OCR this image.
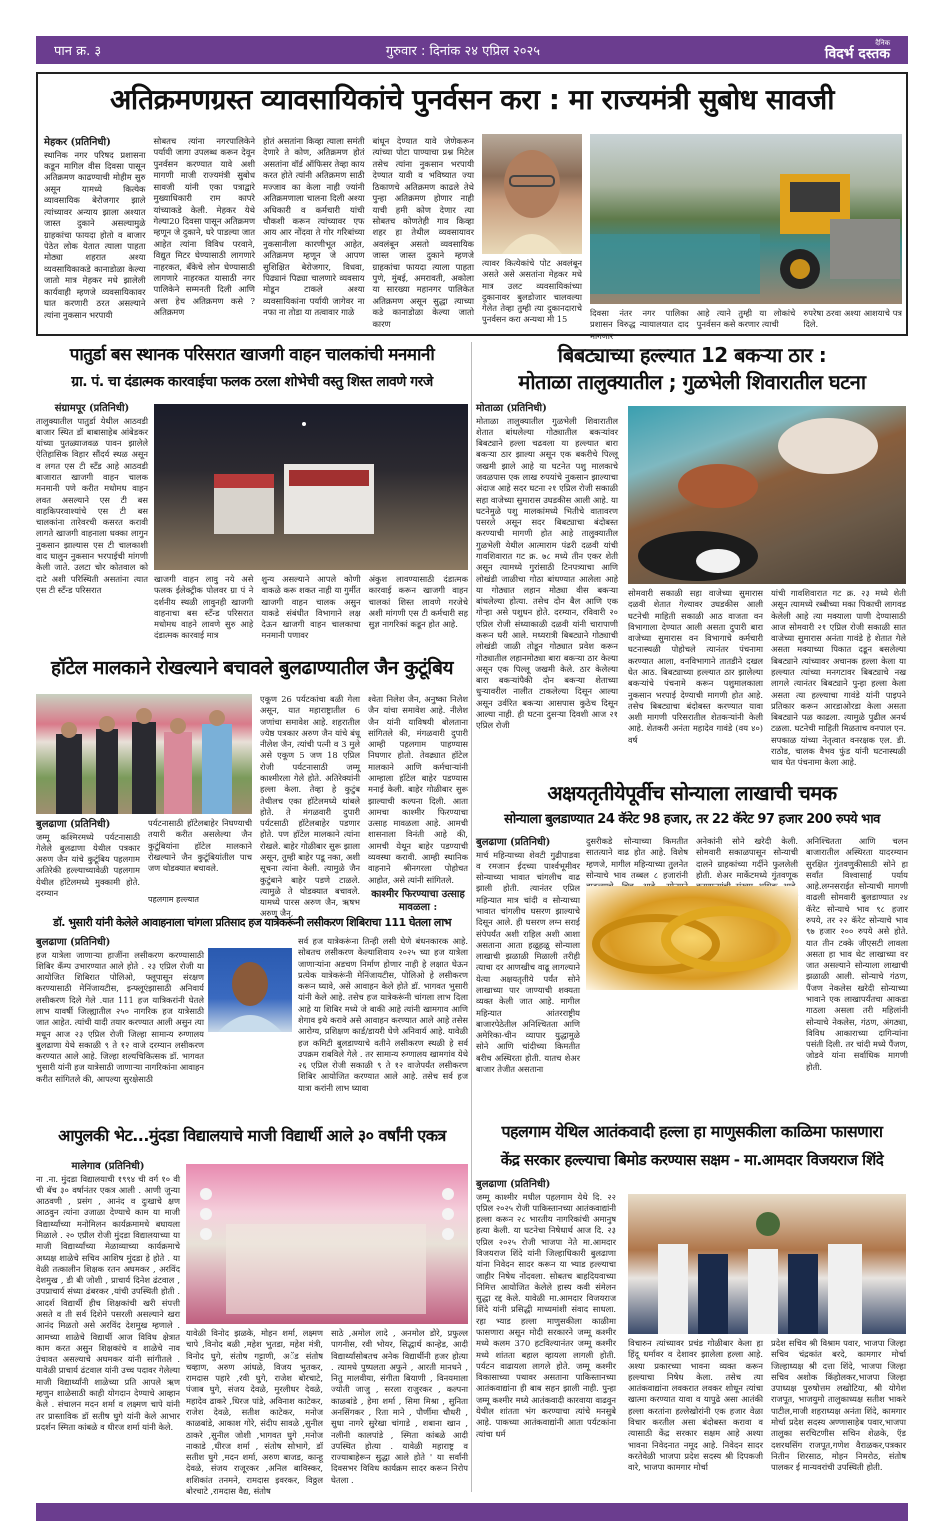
पान क्र. ३	गुरुवार : दिनांक २४ एप्रिल २०२५
दैनिक
विदर्भ दस्तक
अतिक्रमणग्रस्त व्यावसायिकांचे पुनर्वसन करा : मा राज्यमंत्री सुबोध सावजी
मेहकर (प्रतिनिधी)
स्थानिक नगर परिषद प्रशासना कडून मागिल वीस दिवसा पासून अतिक्रमण काढण्याची मोहीम सुरु असून यामध्ये कित्येक व्यावसायिक बेरोजगार झाले त्यांच्यावर अन्याय झाला अश्यात जास्त दुकाने असल्यामुळे ग्राहकांचा फायदा होतो व बाजार पेठेत लोक येतात त्याला पाहता मोठ्या शहरात अश्या व्यवसायिकाकडे कानाडोळा केल्या जातो मात्र मेहकर मधे झालेली कार्यवाही म्हणजे व्यवसायिकावर घात करणारी ठरत असल्याने त्यांना नुकसान भरपायी
सोबतच त्यांना नगरपालिकेने पर्यायी जागा उपलब्ध करून देवून पुनर्वसन करण्यात यावे अशी मागणी माजी राज्यमंत्री सुबोध सावजी यांनी एका पत्राद्वारे मुख्याधिकारी राम कापरे यांच्याकडे केली. मेहकर येथे गेल्या20 दिवसा पासून अतिक्रमण म्हणून जे दुकाने, घरे पाडल्या जात आहेत त्यांना विविध परवाने, विद्युत मिटर घेण्यासाठी लागणारे नाहरकत, बँकेचे लोन घेण्यासाठी लागणारे नाहरकत यासाठी नगर पालिकेने सम्मनती दिली आणि अत्ता हेच अतिक्रमण कसे ? अतिक्रमण
होतं असतांना किव्हा त्याला समंती देणारे ते कोण, अतिक्रमण होतं असतांना वॉर्ड ऑफिसर तेव्हा काय करत होते त्यांनी अतिक्रमण साठी मज्जाव का केला नाही ज्यांनी अतिक्रमणाला चालना दिली अश्या अधिकारी व कर्मचारी यांची चौकशी करून त्यांच्यावर एफ आय आर नोंदवा ते गोर गरिबांच्या नुकसानीला कारणीभूत आहेत, अतिक्रमण म्हणून जे आपण सुशिक्षित बेरोजगार, विधवा, पिढ्यानं पिढ्या चालणारे व्यवसाय मोडून टाकले अश्या व्यवसायिकांना पर्यायी जागेवर ना नफा ना तोडा या तत्वावार गाळे
बांधून देण्यात यावे जेणेकरून त्यांच्या पोटा पाण्याचा प्रश्न मिटेल तसेच त्यांना नुकसान भरपायी देण्यात यावी व भविष्यात ज्या ठिकाणचे अतिक्रमण काढले तेथे पुन्हा अतिक्रमण होणार नाही याची हमी कोण देणार त्या सोबतच कोणतेही गाव किव्हा शहर हा तेथील व्यवसायावर अवलंबून असतो व्यवसायिक जास्त जास्त दुकाने म्हणजे ग्राहकांचा फायदा त्याला पाहता पुणे, मुंबई, अमरावती, अकोला या सारख्या महानगर पालिकेत अतिक्रमण असून सुद्धा त्याच्या कडे कानाडोळा केल्या जातो कारण
त्यावर कित्येकांचे पोट अवलंबून असते असे असतांना मेहकर मधे मात्र उलट व्यवसायिकांच्या दुकानावर बुलडोजार चालवल्या गेलेत तेव्हा तुम्ही त्या दुकानदाराचे पुनर्वसन करा अन्यथा मी 15
दिवसा नंतर नगर पालिका प्रशासन विरुद्ध न्यायालयात दाद मागणार
आहे त्याने तुम्ही या लोकांचे पुनर्वसन कसे करणार त्याची
रुपरेषा ठरवा अश्या आशयाचे पत्र दिले.
पातुर्डा बस स्थानक परिसरात खाजगी वाहन चालकांची मनमानी
ग्रा. पं. चा दंडात्मक कारवाईचा फलक ठरला शोभेची वस्तु शिस्त लावणे गरजे
संग्रामपूर (प्रतिनिधी)
तालुक्यातील पातुर्डा येथील आठवडी बाजार स्थित डॉ बाबासाहेब आंबेडकर यांच्या पुतळ्याजवळ पावन झालेले ऐतिहासिक विहार सौंदर्य स्थळ असून व लगत एस टी स्टँड आहे आठवडी बाजारात खाजगी वाहन चालक मनमानी पणे करीत मधोमध वाहन लवत असल्याने एस टी बस वाहकिपरवाश्यांचे एस टी बस चालकांना तारेवरची कसरत करावी लागते खाजगी वाहनाला धक्का लागुन नुकसान झाल्यास एस टी चालकाशी वाद घालुन नुकसान भरपाईची मांगणी केली जाते. उलटा चोर कोतवाल को दाटे अशी परिस्थिती असतांना त्यात एस टी स्टँन्ड परिसरात
खाजगी वाहन लावु नये असे फलक ईलेक्ट्रीक पोलवर ग्रा पं ने दर्शनीय स्थळी लावुनही खाजगी वाहनाचा बस स्टँन्ड परिसरात मधोमध वाहने लावणे सुरु आहे दंडात्मक कारवाई मात्र
शुन्य असल्याने आपले कोणी वाकळे करू शकत नाही या गुर्मीत खाजगी वाहन चालक असुन याकडे संबंधीत विभागाने लक्ष देऊन खाजगी वाहन चालकाचा मनमानी पणावर
अंकुश लावण्यासाठी दंडात्मक कारवाई करून खाजगी वाहन चालकां शिस्त लावणे गरजेचे अशी मांगणी एस टी कर्मचारी सह सुज्ञ नागरिकां कडून होत आहे.
बिबट्याच्या हल्ल्यात 12 बकऱ्या ठार :
मोताळा तालुक्यातील ; गुळभेली शिवारातील घटना
मोताळा (प्रतिनिधी)
मोताळा तालुक्यातील गुळभेली शिवारातील शेतात बांधलेल्या गोठ्यातील बकऱ्यांवर बिबट्याने हल्ला चढवला या हल्ल्यात बारा बकऱ्या ठार झाल्या असून एक बकरीचे पिल्लू जखमी झाले आहे या घटनेत पशु मालकाचे जवळपास एक लाख रुपयांचे नुकसान झाल्याचा अंदाज आहे सदर घटना २१ एप्रिल रोजी सकाळी सहा वाजेच्या सुमारास उघडकीस आली आहे. या घटनेमुळे पशु मालकांमध्ये भितीचे वातावरण पसरले असून सदर बिबट्याचा बंदोबस्त करण्याची मागणी होत आहे तालुक्यातील गुळभेली येथील आत्माराम पंढरी दळवी यांची गावशिवारात गट क्र. ७८ मध्ये तीन एकर शेती असून त्यामध्ये गुरांसाठी टिनपत्र्याचा आणि लोखंडी जाळीचा गोठा बांधण्यात आलेला आहे या गोठ्यात लहान मोठ्या वीस बकऱ्या बांधलेल्या होत्या. तसेच दोन बैल आणि एक गोऱ्हा असे पशुधन होते. दरम्यान, रविवारी २० एप्रिल रोजी संध्याकाळी दळवी यांनी चारापाणी करून घरी आले. मध्यरात्री बिबट्याने गोठ्याची लोखंडी जाळी तोडून गोठ्यात प्रवेश करून गोठ्यातील लहानमोठ्या बारा बकऱ्या ठार केल्या असून एक पिल्लू जखमी केले. ठार केलेल्या बारा बकऱ्यांपैकी दोन बकऱ्या शेताच्या धुऱ्यावरील नालीत टाकलेल्या दिसून आल्या असून उर्वरित बकऱ्या आसपास कुठेच दिसून आल्या नाही. ही घटना दुसऱ्या दिवशी आज २१ एप्रिल रोजी
सोमवारी सकाळी सहा वाजेच्या सुमारास दळवी शेतात गेल्यावर उघडकीस आली घटनेची माहिती सकाळी आठ वाजता वन विभागाला देण्यात आली असता दुपारी बारा वाजेच्या सुमारास वन विभागाचे कर्मचारी घटनास्थळी पोहोचले त्यानंतर पंचनामा करण्यात आला, वनविभागाने तातडीने दखल घेत आठ. बिबट्याच्या हल्ल्यात ठार झालेल्या बकऱ्यांचे पंचनामे करून पशुमालकाला नुकसान भरपाई देण्याची मागणी होत आहे. तसेच बिबट्याचा बंदोबस्त करण्यात यावा अशी मागणी परिसरातील शेतकऱ्यांनी केली आहे. शेतकरी अनंता महादेव गावंडे (वय ४०) वर्ष
यांची गावशिवारात गट क्र. २३ मध्ये शेती असून त्यामध्ये रब्बीच्या मका पिकाची लागवड केलेली आहे त्या मक्याला पाणी देण्यासाठी आज सोमवारी २१ एप्रिल रोजी सकाळी सात वाजेच्या सुमारास अनंता गावंडे हे शेतात गेले असता मक्याच्या पिकात दडून बसलेल्या बिबट्याने त्यांच्यावर अचानक हल्ला केला या हल्ल्यात त्यांच्या मनगटावर बिबट्याचे नख लागले त्यानंतर बिबट्याने पुन्हा हल्ला केला असता त्या हल्ल्याचा गावंडे यांनी पाइपने प्रतिकार करून आरडाओरडा केला असता बिबट्याने पळ काढला. त्यामुळे पुढील अनर्थ टळला. घटनेची माहिती मिळताच वनपाल एन. सपकाळ यांच्या नेतृत्वात वनरक्षक एल. डी. राठोड, चालक वैभव फुंड यांनी घटनास्थळी धाव घेत पंचनामा केला आहे.
हॉटेल मालकाने रोखल्याने बचावले बुलढाण्यातील जैन कुटूंबिय
बुलढाणा (प्रतिनिधी)
जम्मू कश्मिरमध्ये पर्यटनासाठी गेलेले बुलढाणा येथील पत्रकार अरुण जैन यांचे कुटूंबिय पहलगाम अतिरेकी हल्ल्याच्यावेळी पहलगाम येथील हॉटेलमध्ये मुक्कामी होते. दरम्यान
पर्यटनासाठी हॉटेलबाहेर निघण्याची तयारी करीत असलेल्या जैन कुटूंबियांना हॉटेल मालकाने रोखल्याने जैन कुटूंबियांतील पाच जण थोडक्यात बचावले.
पहलगाम हल्ल्यात
एकूण 26 पर्यटकांचा बळी गेला असून, यात महाराष्ट्रातील 6 जणांचा समावेश आहे. शहरातील ज्येष्ठ पत्रकार अरुण जैन यांचे बंधू नीलेश जैन, त्यांची पत्नी व 3 मुले असे एकूण 5 जण 18 एप्रिल रोजी पर्यटनासाठी जम्मू काश्मीरला गेले होते. अतिरेक्यांनी हल्ला केला. तेव्हा हे कुटुंब तेथीलच एका हॉटेलमध्ये थांबले होते. ते मंगळवारी दुपारी पर्यटसाठी हॉटेलबाहेर पडणार होते. पण हॉटेल मालकाने त्यांना रोखले. बाहेर गोळीबार सुरू झाला असून, तुम्ही बाहेर पडू नका, अशी सूचना त्यांना केली. त्यामुळे जैन कुटुंबाने बाहेर पडणे टाळले. त्यामुळे ते थोडक्यात बचावले. यामध्ये पारस अरुण जैन, ऋषभ अरुण जैन,
श्वेता निलेश जैन, अनुष्का निलेश जैन यांचा समावेश आहे. नीलेश जैन यांनी याविषयी बोलताना सांगितले की, मंगळवारी दुपारी आम्ही पहलगाम पाहण्यास निघणार होतो. तेवढ्यात हॉटेल मालकाने आणि कर्मचाऱ्यांनी आम्हाला हॉटेल बाहेर पडण्यास मनाई केली. बाहेर गोळीबार सुरू झाल्याची कल्पना दिली. आता आमचा काश्मीर फिरण्याचा उत्साह मावळला आहे. आमची शासनाला विनंती आहे की, आमची येथून बाहेर पडण्याची व्यवस्था करावी. आम्ही स्थानिक वाहनाने श्रीनगरला पोहोचत आहोत, असे त्यांनी सांगितले.
काश्मीर फिरण्याचा उत्साह मावळला :
अक्षयतृतीयेपूर्वीच सोन्याला लाखाची चमक
सोन्याला बुलडाण्यात 24 कॅरेट 98 हजार, तर 22 कॅरेट 97 हजार 200 रुपये भाव
बुलढाणा (प्रतिनिधी)
मार्च महिन्याच्या शेवटी गुढीपाडवा व रमजान ईदच्या पार्श्वभूमीवर सोन्याच्या भावात चांगलीच वाढ झाली होती. त्यानंतर एप्रिल महिन्यात मात्र चांदी व सोन्याच्या भावात चांगलीच घसरण झाल्याचे दिसून आले. ही घसरण लग्न सराई संपेपर्यंत अशी राहिल अशी आशा असताना आता हळूहळू सोन्याला लाखाची झळाळी मिळाली तरीही त्याचा दर आणखीच वाढू लागल्याने येत्या अक्षयतृतीये पर्यंत सोने लाखाच्या पार जाण्याची शक्यता व्यक्त केली जात आहे. मागील महिन्यात आंतरराष्ट्रीय बाजारपेठेतील अनिश्चितता आणि अमेरिका-चीन व्यापार युद्धामुळे सोने आणि चांदीच्या किमतीत बरीच अस्थिरता होती. यातच शेअर बाजार तेजीत असताना
दुसरीकडे सोन्याच्या किमतीत सातत्याने वाढ होत आहे. विशेष म्हणजे, मागील महिन्याच्या तुलनेत सोन्याचे भाव तब्बल ८ हजारांनी
अनेकांनी सोने खरेदी केली. सोमवारी सकाळपासून सोन्याची दालने ग्राहकांच्या गर्दीने फुललेली होती. शेअर मार्केटमध्ये गुंतवणूक
अनिश्चितता आणि चलन बाजारातील अस्थिरता यादरम्यान सुरक्षित गुंतवणुकीसाठी सोने हा सर्वांत विश्वासार्ह पर्याय आहे.लग्नसराईत सोन्याची मागणी वाढली सोमवारी बुलडाण्यात २४ कॅरेट सोन्याचे भाव ९८ हजार रुपये, तर २२ कॅरेट सोन्याचे भाव ९७ हजार २०० रुपये असे होते. यात तीन टक्के जीएसटी लावला असता हा भाव थेट लाखाच्या वर जात असल्याने सोन्याला लाखाची झळाळी आली. सोन्याचे गंठण, पैंजण नेकलेस खरेदी सोन्याच्या भावाने एक लाखापर्यंतचा आकडा गाठला असला तरी महिलांनी सोन्याचे नेकलेस, गंठण, अंगठ्या, विविध आकाराच्या दागिन्यांना पसंती दिली. तर चांदी मध्ये पैंजण, जोडवे यांना सर्वाधिक मागणी होती.
डॉ. भुसारी यांनी केलेले आवाहनाला चांगला प्रतिसाद हज यात्रेकरूंनी लसीकरण शिबिराचा 111 घेतला लाभ
बुलढाणा (प्रतिनिधी)
हज यात्रेला जाणाऱ्या हाजींना लसीकरण करण्यासाठी शिबिर कँम्प उभारण्यात आले होते . २३ एप्रिल रोजी या आयोजित शिबिरात पोलिओ, फ्लूपासून संरक्षण करण्यासाठी मेनिंजायटीस, इन्फ्लूएंझासाठी अनिवार्य लसीकरण दिले गेले .यात 111 हज यात्रिकरांनी घेतले लाभ यावर्षी जिल्ह्यातील २५० नागरिक हज यात्रेसाठी जात आहेत. त्यांची यादी तयार करण्यात आली असुन त्या मधून आज २३ एप्रिल रोजी जिल्हा सामान्य रुग्णालय बुलढाणा येथे सकाळी ९ ते १२ वाजे दरम्यान लसीकरण करण्यात आले आहे. जिल्हा शल्यचिकित्सक डॉ. भागवत भुसारी यांनी हज यात्रेसाठी जाणाऱ्या नागरिकांना आवाहन करीत सांगितले की, आपल्या सुरक्षेसाठी
सर्व हज यात्रेकरूंना तिन्ही लसी घेणे बंधनकारक आहे. सोबतच लसीकरण केल्याशिवाय २०२५ च्या हज यात्रेला जाणाऱ्यांना अडचण निर्माण होणार नाही हे लक्षात घेऊन प्रत्येक यात्रेकरूंनी मेनिंजायटीस, पोलिओ हे लसीकरण करून घ्यावे, असे आवाहन केले होते डॉ. भागवत भुसारी यांनी केले आहे. तसेच हज यात्रेकरूंनी चांगला लाभ दिला आहे या शिबिर मध्ये जे बाकी आहे त्यांनी खामगाव आणि शेगाव इथे करावे असे आवाहन करण्यात आले आहे तसेस आरोग्य, प्रशिक्षण कार्ड/डायरी घेणे अनिवार्य आहे. यावेळी हज कमिटी बुलडाण्याचे वतीने लसीकरण स्थळी हे सर्व उपक्रम राबविले गेले . तर सामान्य रुग्णालय खामगांव येथे २६ एप्रिल रोजी सकाळी ९ ते १२ वाजेपर्यंत लसीकरण शिबिर आयोजित करण्यात आले आहे. तसेच सर्व हज यात्रा करांनी लाभ घ्यावा
आपुलकी भेट...मुंदडा विद्यालयाचे माजी विद्यार्थी आले ३० वर्षांनी एकत्र
मालेगाव (प्रतिनिधी)
ना .ना. मुंदडा विद्यालयाची १९९४ ची वर्ग १० वी ची बॅच ३० वर्षानंतर एकत्र आली . आणी जुन्या आठवणी , प्रसंग , आनंद व दुःखाचे क्षण आठवुन त्यांना उजाळा देण्याचे काम या माजी विद्यार्थ्यांच्या मनोमिलन कार्यक्रमामधे बघायला मिळाले . २० एप्रील रोजी मुंदडा विद्यालयाच्या या माजी विद्यार्थ्यांच्या मेळाव्याच्या कार्यक्रमाचे अध्यक्ष शाळेचे सचिव आशिष मुंदडा हे होते . या वेळी तत्कालीन शिक्षक रतन अघमकर , अरविंद देशमुख , डी बी जोशी , प्राचार्य दिनेश ढंटवाल , उपप्राचार्य संध्या ढंबरकर ,यांची उपस्थिती होती . आदर्श विद्यार्थी हीच शिक्षकांची खरी संपत्ती असते व ती सर्व दिशेने पसरली असल्याने खरा आनंद मिळतो असे अरविंद देशमुख म्हणाले . आमच्या शाळेचे विद्यार्थी आज विविध क्षेत्रात काम करत असुन शिक्षकांचे व शाळेचे नाव उंचावत असल्याचे अघमकर यांनी सांगीतले . यावेळी प्राचार्य ढंटवाल यांनी उच्च पदावर गेलेल्या माजी विद्यार्थ्यांनी शाळेच्या प्रति आपले ऋण म्हणुन शाळेसाठी काही योगदान देण्याचे आव्हान केले . संचालन मदन शर्मा व लक्ष्मण चापे यांनी तर प्रास्ताविक डॉ सतीष घुगे यांनी केले आभार प्रदर्शन स्मिता कांबळे व धीरज शर्मा यांनी केले.
यावेळी विनोद झळके, मोहन शर्मा, लक्ष्मण चापे ,विनोद बळी ,महेश भुतडा, महेश मंत्री, विनोद घुगे, संतोष गट्टाणी, अॅड संतोष चव्हाण, अरुण आंधळे, विजय भुतकर, रामदास पहारे ,रवी घुगे, राजेश बोरचाटे, पंजाब घुगे, संजय देवळे, मुरलीधर देवळे, महादेव ढाकरे ,धिरज पांडे, अविनाश काटेकर, राजेश देवळे, सतीश काटेकर, मनोज काळबांडे, आकाश गोरे, संदीप सावळे ,सुनील ठाकरे ,सुनील जोशी ,भागवत घुगे ,मनोज नाकाडे ,धीरज शर्मा , संतोष सोभागे, डॉ सतीश घुगे ,मदन शर्मा, अरुण बाजड, कान्हू देवळे, संजय राजूरकर ,अनिल बाविस्कर, शशिकांत तनमने, रामदास इवरकर, विठ्ठल बोरचाटे ,रामदास वैद्य, संतोष
साठे ,अमोल लादे , अनमोल डोरे, प्रफुल्ल पागनीस, रवी भोयर, सिद्धार्थ कान्हेड, आदी विद्यार्थ्यांसोबतच अनेक विद्यार्थीनी हजर होत्या . त्यामधे पुष्पलता अफुने , आरती मानधने , नितु मालवीया, संगीता बियाणी , विनयमाला ज्योती जाजु , सरला राजुरकर , कल्पना काळबांडे , हेमा शर्मा , सिमा मिश्रा , सुनिता अनसिंगकर , रिता माने , पौर्णीमा चौधरी , सुधा नागरे सुरेखा चांगाडे , शबाना खान , नलीनी कालपांडे , स्मिता कांबळे आदी उपस्थित होत्या . यावेळी महाराष्ट्र व राज्याबाहेरून सुद्धा आले होते ' या सर्वांनी दिवसभर विविध कार्यक्रम सादर करून निरोप घेतला .
पहलगाम येथिल आतंकवादी हल्ला हा माणुसकीला काळिमा फासणारा
केंद्र सरकार हल्ल्याचा बिमोड करण्यास सक्षम - मा.आमदार विजयराज शिंदे
बुलढाणा (प्रतिनिधी)
जम्मू काश्मीर मधील पहलगाम येथे दि. २२ एप्रिल २०२५ रोजी पाकिस्तानच्या आतंकवाद्यांनी हल्ला करून २८ भारतीय नागरिकांची अमानुष हत्या केली. या घटनेचा निषेधार्थ आज दि. २३ एप्रिल २०२५ रोजी भाजपा नेते मा.आमदार विजयराज शिंदे यांनी जिल्हाधिकारी बुलढाणा यांना निवेदन सादर करून या भ्याड हल्ल्याचा जाहीर निषेध नोंदवला. सोबतच बाहदियवाच्या निमित्त आयोजित केलेले हास्य कवी संमेलन सुद्धा रद्द केले. यावेळी मा.आमदार विजयराज शिंदे यांनी प्रसिद्धी माध्यमांशी संवाद साधला. रहा भ्याड हल्ला माणुसकीला काळीमा फासणारा असून मोदी सरकारने जम्मू कश्मीर मध्ये कलम 370 हटविल्यानंतर जम्मू कश्मीर मध्ये शांतता बहाल व्हायला लागली होती. पर्यटन वाढायला लागले होते. जम्मू कश्मीर विकासाच्या पथावर असताना पाकिस्तानच्या आतंकवाद्यांना ही बाब सहन झाली नाही. पुन्हा जम्मू कश्मीर मध्ये आतंकवादी कारवाया वाढवुन येथील शांतता भंग करण्याचा त्यांचे मनसुबे आहे. पाकच्या आतंकवाद्यांनी आता पर्यटकांना त्यांचा धर्म
विचारुन त्यांच्यावर प्रचंड गोळीबार केला हा हिंदू धर्मावर व देशावर झालेला हल्ला आहे. अश्या प्रकारच्या भावना व्यक्त करून हल्ल्याचा निषेध केला. तसेच त्या आतंकवाद्यांना लवकरात लवकर शोधून त्यांचा खात्मा करण्यात यावा व यापुढे असा आतंकी हल्ला करतांना हल्लेखोरांनी एक हजार वेळा विचार करतील असा बंदोबस्त करावा व त्यासाठी केंद्र सरकार सक्षम आहे अश्या भावना निवेदनात नमूद आहे. निवेदन सादर करतेवेळी भाजपा प्रदेश सदस्य श्री दिपकजी वारे, भाजपा कामगार मोर्चा
प्रदेश सचिव श्री विश्राम पवार, भाजपा जिल्हा सचिव चंद्रकांत बरदे, कामगार मोर्चा जिल्हाध्यक्ष श्री दत्ता शिंदे, भाजपा जिल्हा सचिव अशोक किंहोलकर,भाजपा जिल्हा उपाध्यक्ष पुरुषोत्तम लखोटिया, श्री योगेश राजपूत, भाजयुमो तालुकाध्यक्ष सतीश भाकरे पाटील,माजी शहराध्यक्ष अनंता शिंदे, कामगार मोर्चा प्रदेश सदस्य अण्णासाहेब पवार,भाजपा तालुका सरचिटणीस सचिन शेळके, ऍड दशरथसिंग राजपूत,गणेश वैराळकर,पत्रकार नितीन शिरसाठ, मोहन निमरोठ, संतोष पालकर ई मान्यवरांची उपस्थिती होती.
